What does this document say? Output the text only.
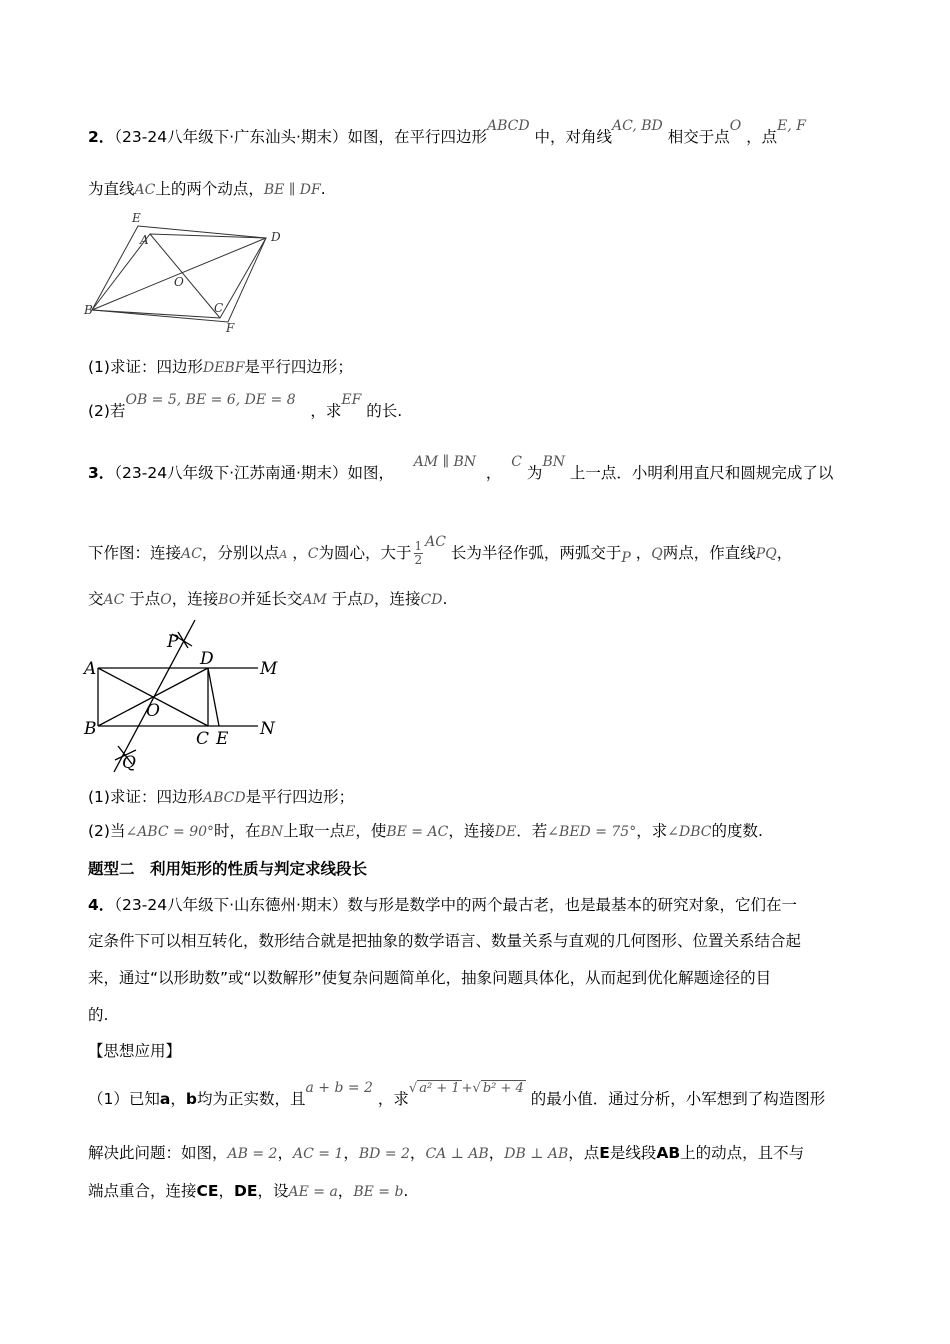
2．（23-24八年级下·广东汕头·期末）如图，在平行四边形ABCD 中，对角线AC, BD 相交于点O ，点E, F
为直线AC上的两个动点，BE ∥ DF.
E
A	D
O
B	C
F
(1)求证：四边形DEBF是平行四边形；
(2)若OB = 5, BE = 6, DE = 8   ，求EF 的长.
3．（23-24八年级下·江苏南通·期末）如图，    AM ∥ BN  ，  C 为BN 上一点．小明利用直尺和圆规完成了以
下作图：连接AC，分别以点A ，C为圆心，大于 $\frac{1}{2}$ AC 长为半径作弧，两弧交于P ，Q两点，作直线PQ，
交AC 于点O，连接BO并延长交AM 于点D，连接CD.
P
A	D	M
O
B	C E N
Q
(1)求证：四边形ABCD是平行四边形；
(2)当∠ABC = 90°时，在BN上取一点E，使BE = AC，连接DE．若∠BED = 75°，求∠DBC的度数.
题型二　利用矩形的性质与判定求线段长
4．（23-24八年级下·山东德州·期末）数与形是数学中的两个最古老，也是最基本的研究对象，它们在一
定条件下可以相互转化，数形结合就是把抽象的数学语言、数量关系与直观的几何图形、位置关系结合起
来，通过“以形助数”或“以数解形”使复杂问题简单化，抽象问题具体化，从而起到优化解题途径的目
的.
【思想应用】
（1）已知a，b均为正实数，且a + b = 2 ，求$^{√ a^2 + 1}$ $^{+√ b^2 + 4}$ 的最小值．通过分析，小军想到了构造图形
解决此问题：如图，AB = 2，AC = 1，BD = 2，CA ⊥ AB，DB ⊥ AB，点E是线段AB上的动点，且不与
端点重合，连接CE，DE，设AE = a，BE = b.
